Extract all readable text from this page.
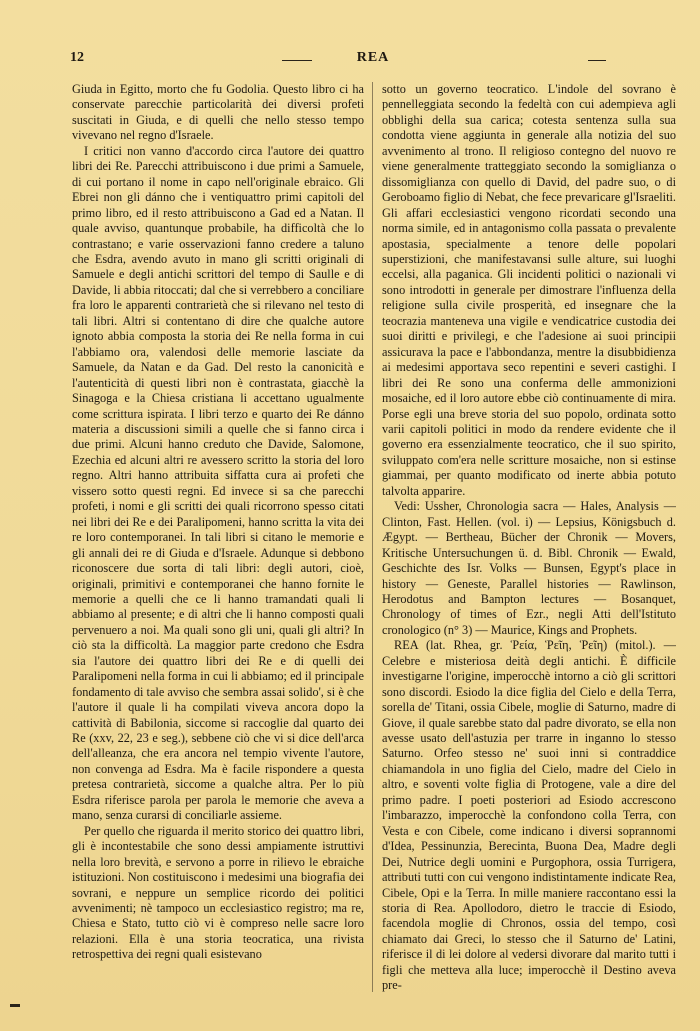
12	REA

Giuda in Egitto, morto che fu Godolia. Questo libro ci ha conservate parecchie particolarità dei diversi profeti suscitati in Giuda, e di quelli che nello stesso tempo vivevano nel regno d'Israele.

I critici non vanno d'accordo circa l'autore dei quattro libri dei Re. Parecchi attribuiscono i due primi a Samuele, di cui portano il nome in capo nell'originale ebraico. Gli Ebrei non gli dánno che i ventiquattro primi capitoli del primo libro, ed il resto attribuiscono a Gad ed a Natan. Il quale avviso, quantunque probabile, ha difficoltà che lo contrastano; e varie osservazioni fanno credere a taluno che Esdra, avendo avuto in mano gli scritti originali di Samuele e degli antichi scrittori del tempo di Saulle e di Davide, li abbia ritoccati; dal che si verrebbero a conciliare fra loro le apparenti contrarietà che si rilevano nel testo di tali libri. Altri si contentano di dire che qualche autore ignoto abbia composta la storia dei Re nella forma in cui l'abbiamo ora, valendosi delle memorie lasciate da Samuele, da Natan e da Gad. Del resto la canonicità e l'autenticità di questi libri non è contrastata, giacchè la Sinagoga e la Chiesa cristiana li accettano ugualmente come scrittura ispirata. I libri terzo e quarto dei Re dánno materia a discussioni simili a quelle che si fanno circa i due primi. Alcuni hanno creduto che Davide, Salomone, Ezechia ed alcuni altri re avessero scritto la storia del loro regno. Altri hanno attribuita siffatta cura ai profeti che vissero sotto questi regni. Ed invece si sa che parecchi profeti, i nomi e gli scritti dei quali ricorrono spesso citati nei libri dei Re e dei Paralipomeni, hanno scritta la vita dei re loro contemporanei. In tali libri si citano le memorie e gli annali dei re di Giuda e d'Israele. Adunque si debbono riconoscere due sorta di tali libri: degli autori, cioè, originali, primitivi e contemporanei che hanno fornite le memorie a quelli che ce li hanno tramandati quali li abbiamo al presente; e di altri che li hanno composti quali pervenuero a noi. Ma quali sono gli uni, quali gli altri? In ciò sta la difficoltà. La maggior parte credono che Esdra sia l'autore dei quattro libri dei Re e di quelli dei Paralipomeni nella forma in cui li abbiamo; ed il principale fondamento di tale avviso che sembra assai solido', si è che l'autore il quale li ha compilati viveva ancora dopo la cattività di Babilonia, siccome si raccoglie dal quarto dei Re (xxv, 22, 23 e seg.), sebbene ciò che vi si dice dell'arca dell'alleanza, che era ancora nel tempio vivente l'autore, non convenga ad Esdra. Ma è facile rispondere a questa pretesa contrarietà, siccome a qualche altra. Per lo più Esdra riferisce parola per parola le memorie che aveva a mano, senza curarsi di conciliarle assieme.

Per quello che riguarda il merito storico dei quattro libri, gli è incontestabile che sono dessi ampiamente istruttivi nella loro brevità, e servono a porre in rilievo le ebraiche istituzioni. Non costituiscono i medesimi una biografia dei sovrani, e neppure un semplice ricordo dei politici avvenimenti; nè tampoco un ecclesiastico registro; ma re, Chiesa e Stato, tutto ciò vi è compreso nelle sacre loro relazioni. Ella è una storia teocratica, una rivista retrospettiva dei regni quali esistevano

sotto un governo teocratico. L'indole del sovrano è pennelleggiata secondo la fedeltà con cui adempieva agli obblighi della sua carica; cotesta sentenza sulla sua condotta viene aggiunta in generale alla notizia del suo avvenimento al trono. Il religioso contegno del nuovo re viene generalmente tratteggiato secondo la somiglianza o dissomiglianza con quello di David, del padre suo, o di Geroboamo figlio di Nebat, che fece prevaricare gl'Israeliti. Gli affari ecclesiastici vengono ricordati secondo una norma simile, ed in antagonismo colla passata o prevalente apostasia, specialmente a tenore delle popolari superstizioni, che manifestavansi sulle alture, sui luoghi eccelsi, alla paganica. Gli incidenti politici o nazionali vi sono introdotti in generale per dimostrare l'influenza della religione sulla civile prosperità, ed insegnare che la teocrazia manteneva una vigile e vendicatrice custodia dei suoi diritti e privilegi, e che l'adesione ai suoi principii assicurava la pace e l'abbondanza, mentre la disubbidienza ai medesimi apportava seco repentini e severi castighi. I libri dei Re sono una conferma delle ammonizioni mosaiche, ed il loro autore ebbe ciò continuamente di mira. Porse egli una breve storia del suo popolo, ordinata sotto varii capitoli politici in modo da rendere evidente che il governo era essenzialmente teocratico, che il suo spirito, sviluppato com'era nelle scritture mosaiche, non si estinse giammai, per quanto modificato od inerte abbia potuto talvolta apparire.

Vedi: Ussher, Chronologia sacra — Hales, Analysis — Clinton, Fast. Hellen. (vol. i) — Lepsius, Königsbuch d. Ægypt. — Bertheau, Bücher der Chronik — Movers, Kritische Untersuchungen ü. d. Bibl. Chronik — Ewald, Geschichte des Isr. Volks — Bunsen, Egypt's place in history — Geneste, Parallel histories — Rawlinson, Herodotus and Bampton lectures — Bosanquet, Chronology of times of Ezr., negli Atti dell'Istituto cronologico (n° 3) — Maurice, Kings and Prophets.

REA (lat. Rhea, gr. Ῥεία, Ῥεῖη, Ῥεῖη) (mitol.). — Celebre e misteriosa deità degli antichi. È difficile investigarne l'origine, imperocchè intorno a ciò gli scrittori sono discordi. Esiodo la dice figlia del Cielo e della Terra, sorella de' Titani, ossia Cibele, moglie di Saturno, madre di Giove, il quale sarebbe stato dal padre divorato, se ella non avesse usato dell'astuzia per trarre in inganno lo stesso Saturno. Orfeo stesso ne' suoi inni si contraddice chiamandola in uno figlia del Cielo, madre del Cielo in altro, e soventi volte figlia di Protogene, vale a dire del primo padre. I poeti posteriori ad Esiodo accrescono l'imbarazzo, imperocchè la confondono colla Terra, con Vesta e con Cibele, come indicano i diversi soprannomi d'Idea, Pessinunzia, Berecinta, Buona Dea, Madre degli Dei, Nutrice degli uomini e Purgophora, ossia Turrigera, attributi tutti con cui vengono indistintamente indicate Rea, Cibele, Opi e la Terra. In mille maniere raccontano essi la storia di Rea. Apollodoro, dietro le traccie di Esiodo, facendola moglie di Chronos, ossia del tempo, così chiamato dai Greci, lo stesso che il Saturno de' Latini, riferisce il di lei dolore al vedersi divorare dal marito tutti i figli che metteva alla luce; imperocchè il Destino aveva pre-
